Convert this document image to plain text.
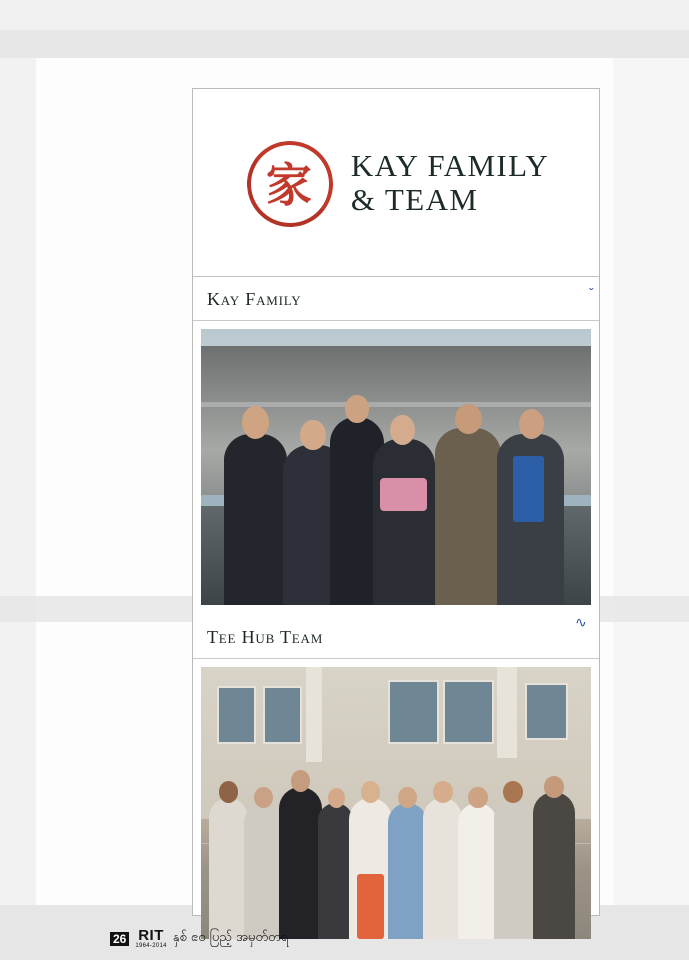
家	KAY FAMILY
& TEAM
Kay Family
Tee Hub Team
ˇ
∿
26 RIT
1964-2014
နှစ် ၕ၀ ပြည့် အမှတ်တရ
